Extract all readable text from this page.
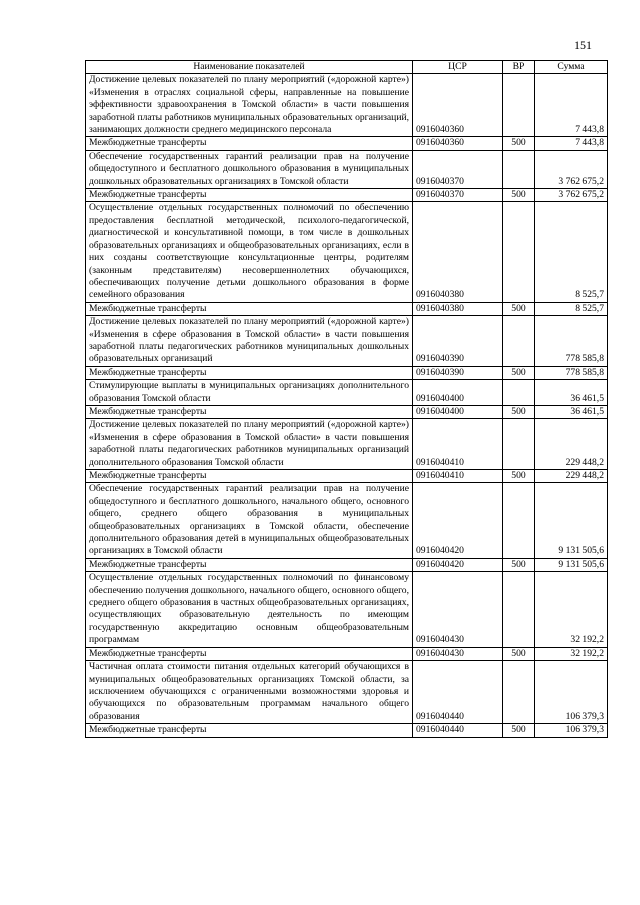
151
Наименование показателей	ЦСР	ВР	Сумма
Достижение целевых показателей по плану мероприятий («дорожной карте») «Изменения в отраслях социальной сферы, направленные на повышение эффективности здравоохранения в Томской области» в части повышения заработной платы работников муниципальных образовательных организаций, занимающих должности среднего медицинского персонала	0916040360		7 443,8
Межбюджетные трансферты	0916040360	500	7 443,8
Обеспечение государственных гарантий реализации прав на получение общедоступного и бесплатного дошкольного образования в муниципальных дошкольных образовательных организациях в Томской области	0916040370		3 762 675,2
Межбюджетные трансферты	0916040370	500	3 762 675,2
Осуществление отдельных государственных полномочий по обеспечению предоставления бесплатной методической, психолого-педагогической, диагностической и консультативной помощи, в том числе в дошкольных образовательных организациях и общеобразовательных организациях, если в них созданы соответствующие консультационные центры, родителям (законным представителям) несовершеннолетних обучающихся, обеспечивающих получение детьми дошкольного образования в форме семейного образования	0916040380		8 525,7
Межбюджетные трансферты	0916040380	500	8 525,7
Достижение целевых показателей по плану мероприятий («дорожной карте») «Изменения в сфере образования в Томской области» в части повышения заработной платы педагогических работников муниципальных дошкольных образовательных организаций	0916040390		778 585,8
Межбюджетные трансферты	0916040390	500	778 585,8
Стимулирующие выплаты в муниципальных организациях дополнительного образования Томской области	0916040400		36 461,5
Межбюджетные трансферты	0916040400	500	36 461,5
Достижение целевых показателей по плану мероприятий («дорожной карте») «Изменения в сфере образования в Томской области» в части повышения заработной платы педагогических работников муниципальных организаций дополнительного образования Томской области	0916040410		229 448,2
Межбюджетные трансферты	0916040410	500	229 448,2
Обеспечение государственных гарантий реализации прав на получение общедоступного и бесплатного дошкольного, начального общего, основного общего, среднего общего образования в муниципальных общеобразовательных организациях в Томской области, обеспечение дополнительного образования детей в муниципальных общеобразовательных организациях в Томской области	0916040420		9 131 505,6
Межбюджетные трансферты	0916040420	500	9 131 505,6
Осуществление отдельных государственных полномочий по финансовому обеспечению получения дошкольного, начального общего, основного общего, среднего общего образования в частных общеобразовательных организациях, осуществляющих образовательную деятельность по имеющим государственную аккредитацию основным общеобразовательным программам	0916040430		32 192,2
Межбюджетные трансферты	0916040430	500	32 192,2
Частичная оплата стоимости питания отдельных категорий обучающихся в муниципальных общеобразовательных организациях Томской области, за исключением обучающихся с ограниченными возможностями здоровья и обучающихся по образовательным программам начального общего образования	0916040440		106 379,3
Межбюджетные трансферты	0916040440	500	106 379,3
